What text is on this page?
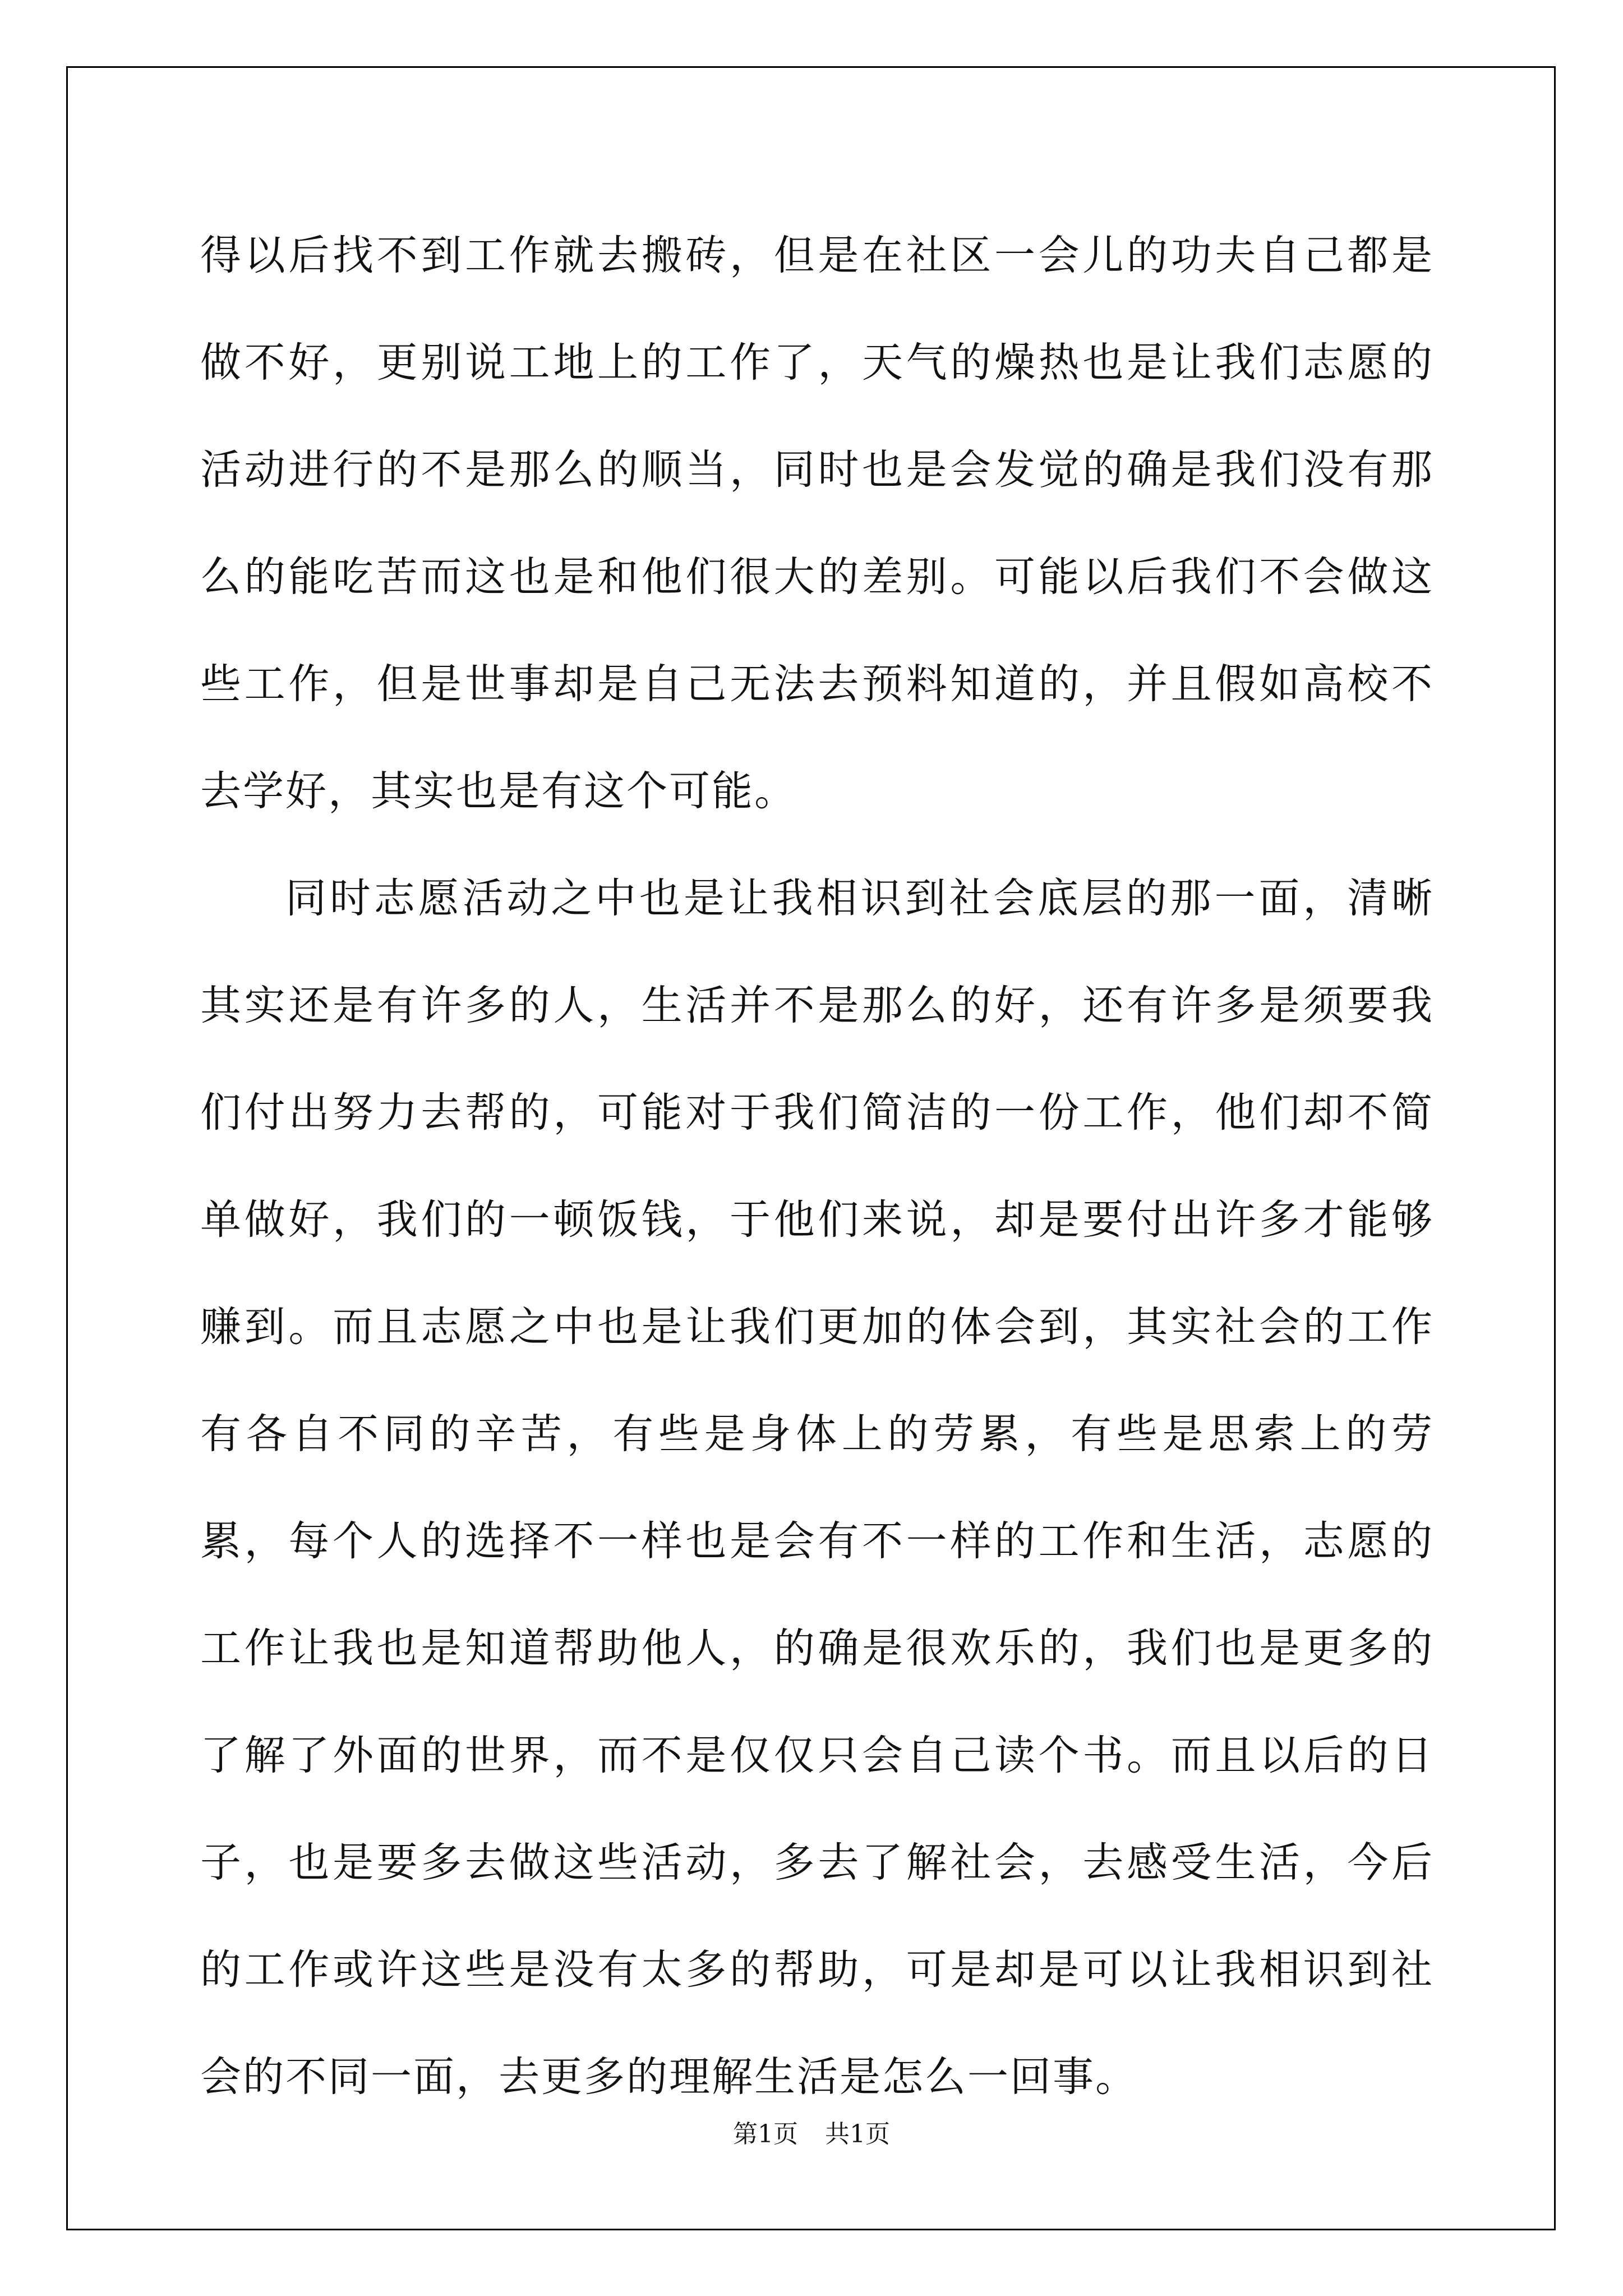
得以后找不到工作就去搬砖，但是在社区一会儿的功夫自己都是做不好，更别说工地上的工作了，天气的燥热也是让我们志愿的活动进行的不是那么的顺当，同时也是会发觉的确是我们没有那么的能吃苦而这也是和他们很大的差别。可能以后我们不会做这些工作，但是世事却是自己无法去预料知道的，并且假如高校不去学好，其实也是有这个可能。

同时志愿活动之中也是让我相识到社会底层的那一面，清晰其实还是有许多的人，生活并不是那么的好，还有许多是须要我们付出努力去帮的，可能对于我们简洁的一份工作，他们却不简单做好，我们的一顿饭钱，于他们来说，却是要付出许多才能够赚到。而且志愿之中也是让我们更加的体会到，其实社会的工作有各自不同的辛苦，有些是身体上的劳累，有些是思索上的劳累，每个人的选择不一样也是会有不一样的工作和生活，志愿的工作让我也是知道帮助他人，的确是很欢乐的，我们也是更多的了解了外面的世界，而不是仅仅只会自己读个书。而且以后的日子，也是要多去做这些活动，多去了解社会，去感受生活，今后的工作或许这些是没有太多的帮助，可是却是可以让我相识到社会的不同一面，去更多的理解生活是怎么一回事。

第1页 共1页
